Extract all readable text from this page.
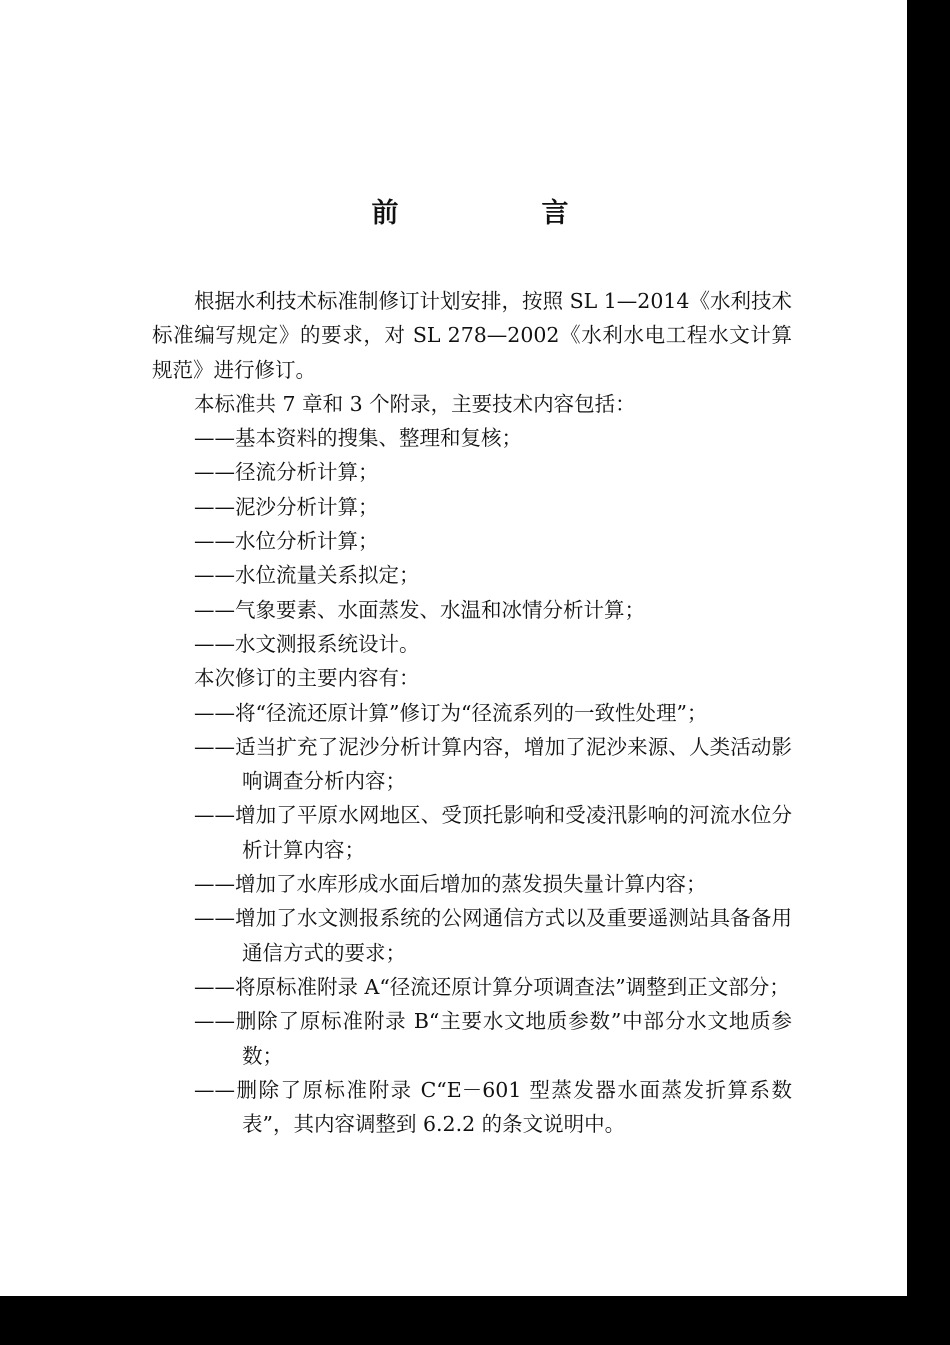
前　言

根据水利技术标准制修订计划安排，按照 SL 1—2014《水利技术标准编写规定》的要求，对 SL 278—2002《水利水电工程水文计算规范》进行修订。

本标准共 7 章和 3 个附录，主要技术内容包括：

——基本资料的搜集、整理和复核；

——径流分析计算；

——泥沙分析计算；

——水位分析计算；

——水位流量关系拟定；

——气象要素、水面蒸发、水温和冰情分析计算；

——水文测报系统设计。

本次修订的主要内容有：

——将“径流还原计算”修订为“径流系列的一致性处理”；

——适当扩充了泥沙分析计算内容，增加了泥沙来源、人类活动影响调查分析内容；

——增加了平原水网地区、受顶托影响和受凌汛影响的河流水位分析计算内容；

——增加了水库形成水面后增加的蒸发损失量计算内容；

——增加了水文测报系统的公网通信方式以及重要遥测站具备备用通信方式的要求；

——将原标准附录 A“径流还原计算分项调查法”调整到正文部分；

——删除了原标准附录 B“主要水文地质参数”中部分水文地质参数；

——删除了原标准附录 C“E－601 型蒸发器水面蒸发折算系数表”，其内容调整到 6.2.2 的条文说明中。
